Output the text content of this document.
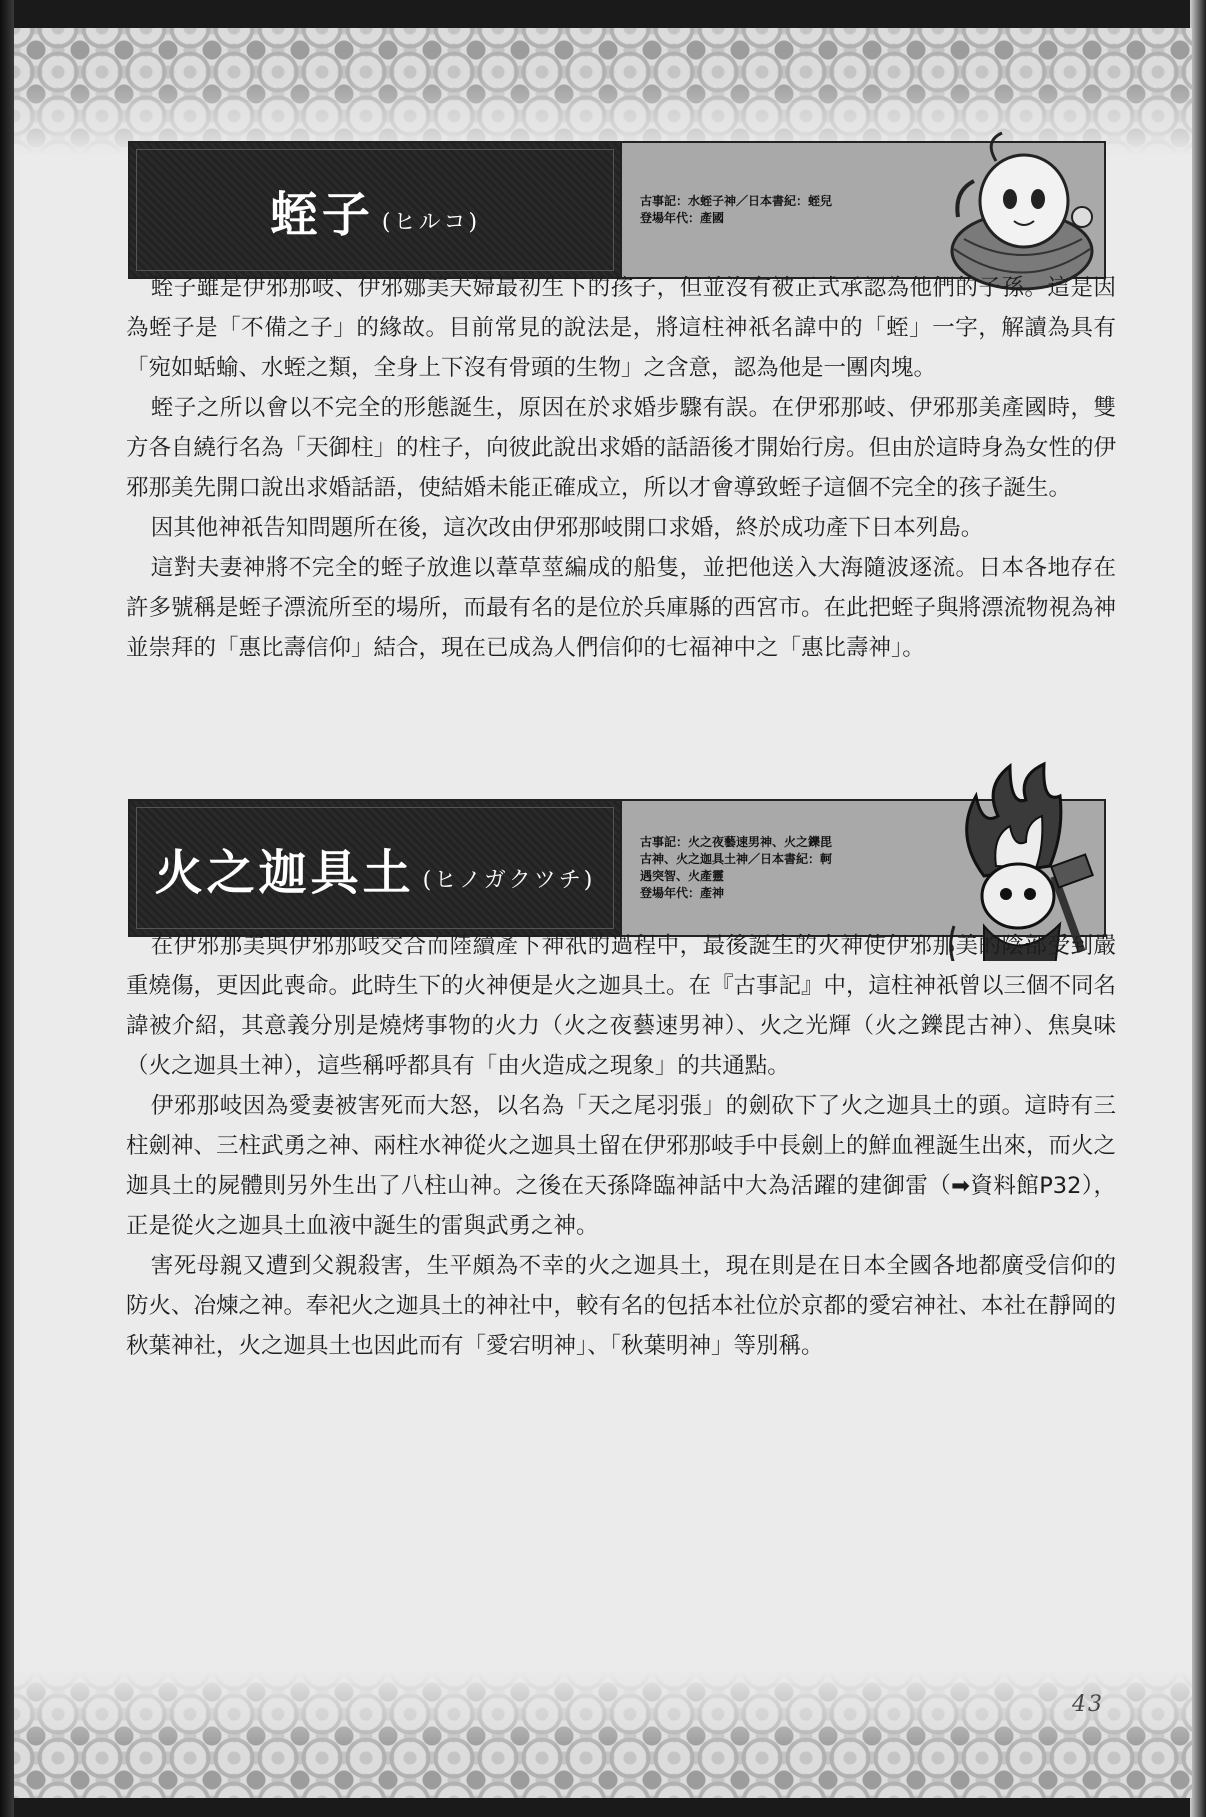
蛭子 (ヒルコ)
古事記：水蛭子神／日本書紀：蛭兒
登場年代：產國

蛭子雖是伊邪那岐、伊邪娜美夫婦最初生下的孩子，但並沒有被正式承認為他們的子孫。這是因為蛭子是「不備之子」的緣故。目前常見的說法是，將這柱神祇名諱中的「蛭」一字，解讀為具有「宛如蛞蝓、水蛭之類，全身上下沒有骨頭的生物」之含意，認為他是一團肉塊。

蛭子之所以會以不完全的形態誕生，原因在於求婚步驟有誤。在伊邪那岐、伊邪那美產國時，雙方各自繞行名為「天御柱」的柱子，向彼此說出求婚的話語後才開始行房。但由於這時身為女性的伊邪那美先開口說出求婚話語，使結婚未能正確成立，所以才會導致蛭子這個不完全的孩子誕生。

因其他神祇告知問題所在後，這次改由伊邪那岐開口求婚，終於成功產下日本列島。

這對夫妻神將不完全的蛭子放進以葦草莖編成的船隻，並把他送入大海隨波逐流。日本各地存在許多號稱是蛭子漂流所至的場所，而最有名的是位於兵庫縣的西宮市。在此把蛭子與將漂流物視為神並崇拜的「惠比壽信仰」結合，現在已成為人們信仰的七福神中之「惠比壽神」。

火之迦具土 (ヒノガクツチ)
古事記：火之夜藝速男神、火之鑠毘
古神、火之迦具土神／日本書紀：軻
遇突智、火產靈
登場年代：產神

在伊邪那美與伊邪那岐交合而陸續產下神祇的過程中，最後誕生的火神使伊邪那美的陰部受到嚴重燒傷，更因此喪命。此時生下的火神便是火之迦具土。在『古事記』中，這柱神祇曾以三個不同名諱被介紹，其意義分別是燒烤事物的火力（火之夜藝速男神）、火之光輝（火之鑠毘古神）、焦臭味（火之迦具土神），這些稱呼都具有「由火造成之現象」的共通點。

伊邪那岐因為愛妻被害死而大怒，以名為「天之尾羽張」的劍砍下了火之迦具土的頭。這時有三柱劍神、三柱武勇之神、兩柱水神從火之迦具土留在伊邪那岐手中長劍上的鮮血裡誕生出來，而火之迦具土的屍體則另外生出了八柱山神。之後在天孫降臨神話中大為活躍的建御雷（➡資料館P32），正是從火之迦具土血液中誕生的雷與武勇之神。

害死母親又遭到父親殺害，生平頗為不幸的火之迦具土，現在則是在日本全國各地都廣受信仰的防火、冶煉之神。奉祀火之迦具土的神社中，較有名的包括本社位於京都的愛宕神社、本社在靜岡的秋葉神社，火之迦具土也因此而有「愛宕明神」、「秋葉明神」等別稱。

43
